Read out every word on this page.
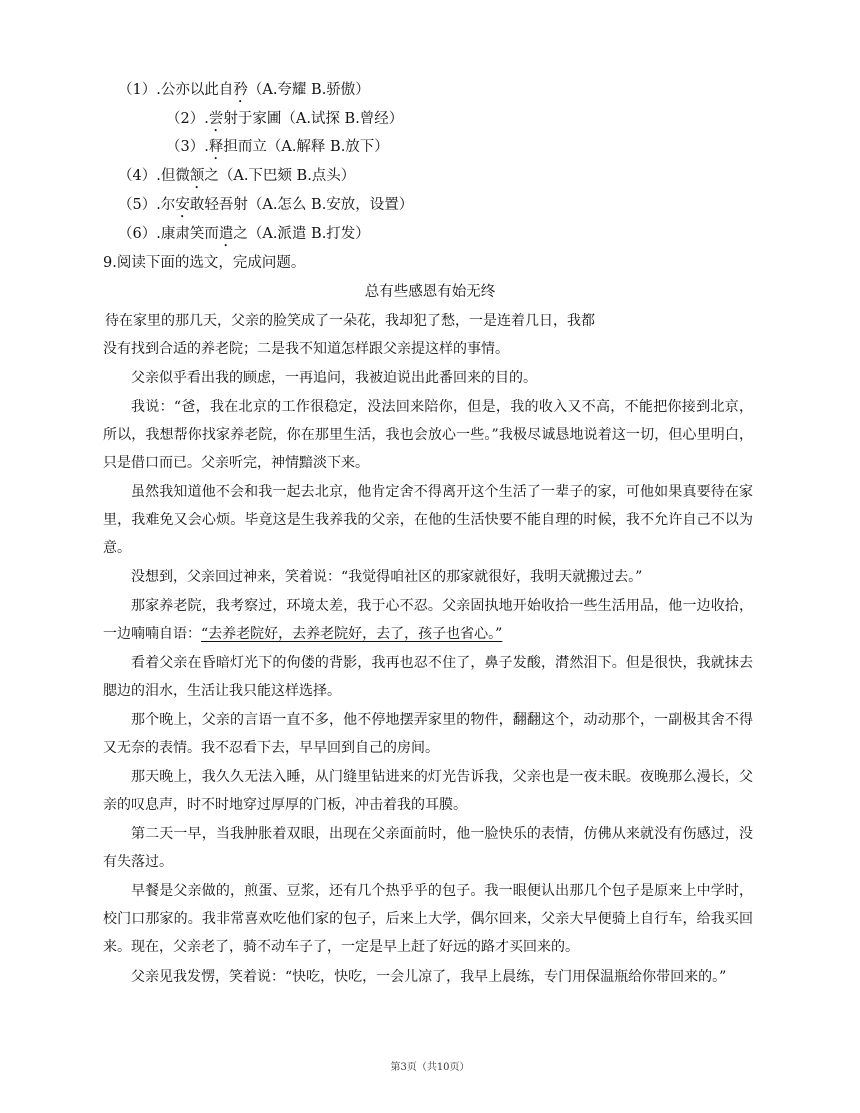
（1）.公亦以此自矜（A.夸耀 B.骄傲）
（2）.尝射于家圃（A.试探 B.曾经）
（3）.释担而立（A.解释 B.放下）
（4）.但微颔之（A.下巴颏 B.点头）
（5）.尔安敢轻吾射（A.怎么 B.安放，设置）
（6）.康肃笑而遣之（A.派遣 B.打发）
9.阅读下面的选文，完成问题。
总有些感恩有始无终
待在家里的那几天，父亲的脸笑成了一朵花，我却犯了愁，一是连着几日，我都
没有找到合适的养老院；二是我不知道怎样跟父亲提这样的事情。
父亲似乎看出我的顾虑，一再追问，我被迫说出此番回来的目的。
我说：“爸，我在北京的工作很稳定，没法回来陪你，但是，我的收入又不高，不能把你接到北京，所以，我想帮你找家养老院，你在那里生活，我也会放心一些。”我极尽诚恳地说着这一切，但心里明白，只是借口而已。父亲听完，神情黯淡下来。
虽然我知道他不会和我一起去北京，他肯定舍不得离开这个生活了一辈子的家，可他如果真要待在家里，我难免又会心烦。毕竟这是生我养我的父亲，在他的生活快要不能自理的时候，我不允许自己不以为意。
没想到，父亲回过神来，笑着说：“我觉得咱社区的那家就很好，我明天就搬过去。”
那家养老院，我考察过，环境太差，我于心不忍。父亲固执地开始收拾一些生活用品，他一边收拾，一边喃喃自语：“去养老院好，去养老院好，去了，孩子也省心。”
看着父亲在昏暗灯光下的佝偻的背影，我再也忍不住了，鼻子发酸，潸然泪下。但是很快，我就抹去腮边的泪水，生活让我只能这样选择。
那个晚上，父亲的言语一直不多，他不停地摆弄家里的物件，翻翻这个，动动那个，一副极其舍不得又无奈的表情。我不忍看下去，早早回到自己的房间。
那天晚上，我久久无法入睡，从门缝里钻进来的灯光告诉我，父亲也是一夜未眠。夜晚那么漫长，父亲的叹息声，时不时地穿过厚厚的门板，冲击着我的耳膜。
第二天一早，当我肿胀着双眼，出现在父亲面前时，他一脸快乐的表情，仿佛从来就没有伤感过，没有失落过。
早餐是父亲做的，煎蛋、豆浆，还有几个热乎乎的包子。我一眼便认出那几个包子是原来上中学时，校门口那家的。我非常喜欢吃他们家的包子，后来上大学，偶尔回来，父亲大早便骑上自行车，给我买回来。现在，父亲老了，骑不动车子了，一定是早上赶了好远的路才买回来的。
父亲见我发愣，笑着说：“快吃，快吃，一会儿凉了，我早上晨练，专门用保温瓶给你带回来的。”
第3页（共10页）
